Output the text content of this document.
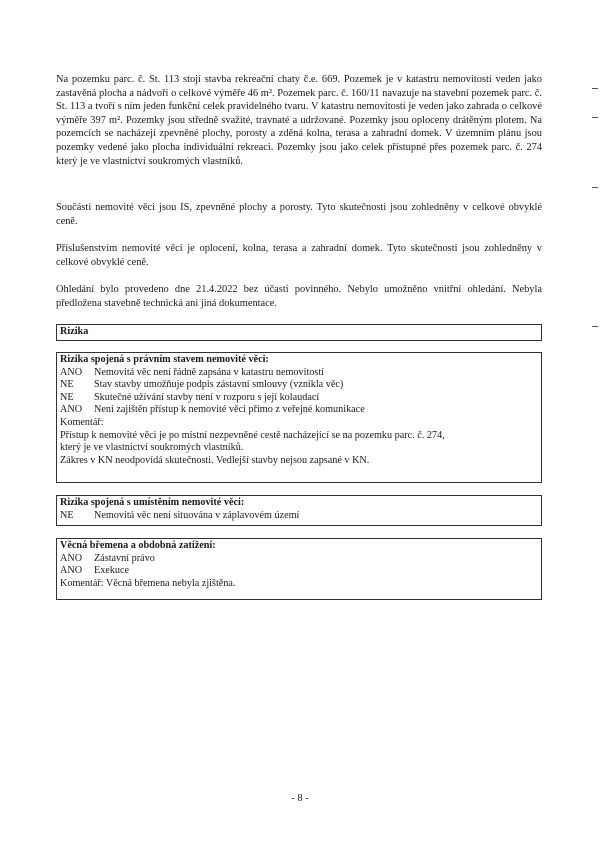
Na pozemku parc. č. St. 113 stojí stavba rekreační chaty č.e. 669. Pozemek je v katastru nemovitostí veden jako zastavěná plocha a nádvoří o celkové výměře 46 m². Pozemek parc. č. 160/11 navazuje na stavební pozemek parc. č. St. 113 a tvoří s ním jeden funkční celek pravidelného tvaru. V katastru nemovitostí je veden jako zahrada o celkové výměře 397 m². Pozemky jsou středně svažité, travnaté a udržované. Pozemky jsou oploceny drátěným plotem. Na pozemcích se nacházejí zpevněné plochy, porosty a zděná kolna, terasa a zahradní domek. V územním plánu jsou pozemky vedené jako plocha individuální rekreaci. Pozemky jsou jako celek přístupné přes pozemek parc. č. 274 který je ve vlastnictví soukromých vlastníků.

Součástí nemovité věci jsou IS, zpevněné plochy a porosty. Tyto skutečnosti jsou zohledněny v celkové obvyklé ceně.

Příslušenstvím nemovité věci je oplocení, kolna, terasa a zahradní domek. Tyto skutečnosti jsou zohledněny v celkové obvyklé ceně.

Ohledání bylo provedeno dne 21.4.2022 bez účasti povinného. Nebylo umožněno vnitřní ohledání. Nebyla předložena stavebně technická ani jiná dokumentace.

Rizika
Rizika spojená s právním stavem nemovité věci:
ANO	Nemovitá věc není řádně zapsána v katastru nemovitostí
NE	Stav stavby umožňuje podpis zástavní smlouvy (vznikla věc)
NE	Skutečné užívání stavby není v rozporu s její kolaudací
ANO	Není zajištěn přístup k nemovité věci přímo z veřejné komunikace
Komentář:
Přístup k nemovité věci je po místní nezpevněné cestě nacházející se na pozemku parc. č. 274,
který je ve vlastnictví soukromých vlastníků.
Zákres v KN neodpovídá skutečnosti. Vedlejší stavby nejsou zapsané v KN.
Rizika spojená s umístěním nemovité věci:
NE	Nemovitá věc není situována v záplavovém území
Věcná břemena a obdobná zatížení:
ANO	Zástavní právo
ANO	Exekuce
Komentář: Věcná břemena nebyla zjištěna.
- 8 -
